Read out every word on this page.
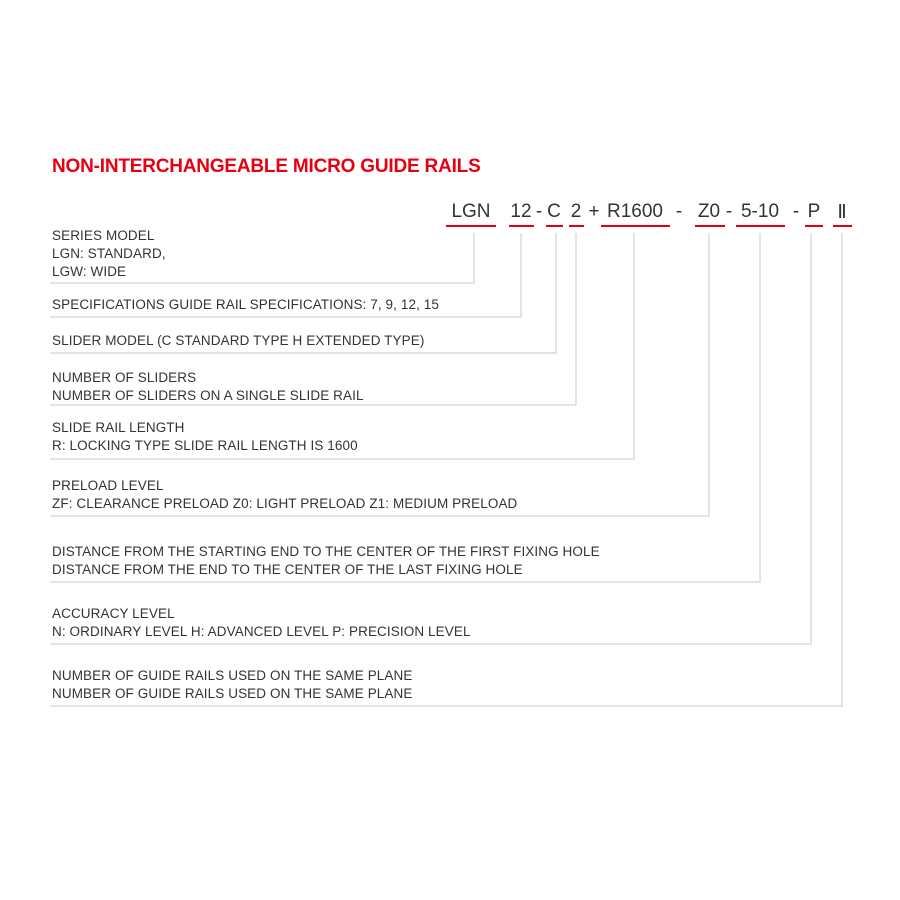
NON-INTERCHANGEABLE MICRO GUIDE RAILS
LGN 12 - C 2 + R1600 - Z0 - 5-10 - P Ⅱ
SERIES MODEL
LGN: STANDARD,
LGW: WIDE
SPECIFICATIONS GUIDE RAIL SPECIFICATIONS: 7, 9, 12, 15
SLIDER MODEL (C STANDARD TYPE H EXTENDED TYPE)
NUMBER OF SLIDERS
NUMBER OF SLIDERS ON A SINGLE SLIDE RAIL
SLIDE RAIL LENGTH
R: LOCKING TYPE SLIDE RAIL LENGTH IS 1600
PRELOAD LEVEL
ZF: CLEARANCE PRELOAD Z0: LIGHT PRELOAD Z1: MEDIUM PRELOAD
DISTANCE FROM THE STARTING END TO THE CENTER OF THE FIRST FIXING HOLE
DISTANCE FROM THE END TO THE CENTER OF THE LAST FIXING HOLE
ACCURACY LEVEL
N: ORDINARY LEVEL H: ADVANCED LEVEL P: PRECISION LEVEL
NUMBER OF GUIDE RAILS USED ON THE SAME PLANE
NUMBER OF GUIDE RAILS USED ON THE SAME PLANE
